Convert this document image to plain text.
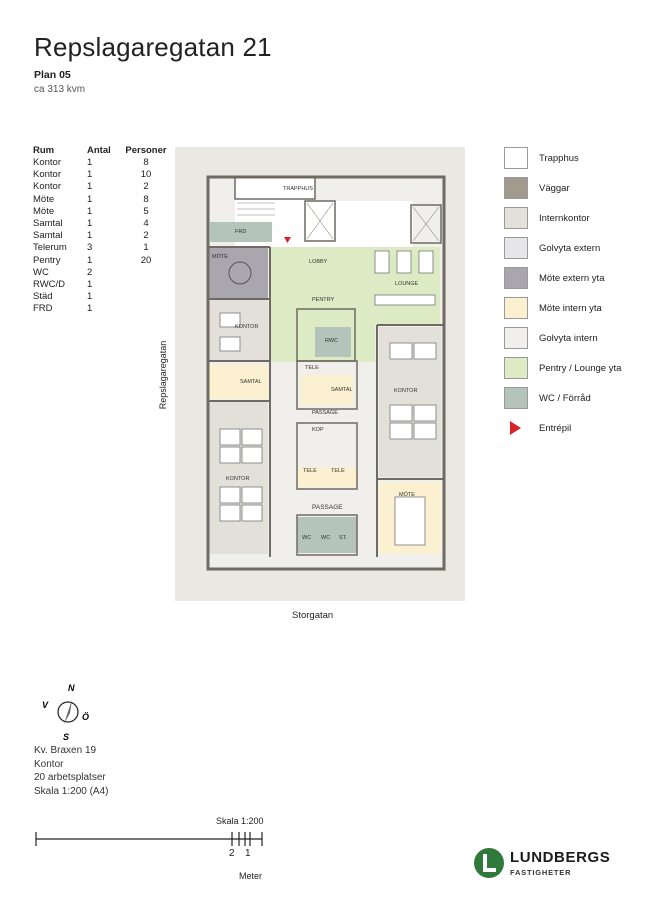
Repslagaregatan 21
Plan 05
ca 313 kvm
Rum	Antal	Personer
Kontor	1	8
Kontor	1	10
Kontor	1	2
Möte	1	8
Möte	1	5
Samtal	1	4
Samtal	1	2
Telerum	3	1
Pentry	1	20
WC	2	
RWC/D	1	
Städ	1	
FRD	1	
TRAPPHUS
FRD
MÖTE
LOBBY
LOUNGE
PENTRY
KONTOR
RWC
SAMTAL
TELE
SAMTAL
PASSAGE
KONTOR
KOP
TELE	TELE
KONTOR
MÖTE
PASSAGE
WC WC ST.
Repslagaregatan
Storgatan
Trapphus
Väggar
Internkontor
Golvyta extern
Möte extern yta
Möte intern yta
Golvyta intern
Pentry / Lounge yta
WC / Förråd
Entrépil
N
S
V
Ö
Kv. Braxen 19
Kontor
20 arbetsplatser
Skala 1:200 (A4)
Skala 1:200
2 1
Meter
LUNDBERGS
FASTIGHETER
